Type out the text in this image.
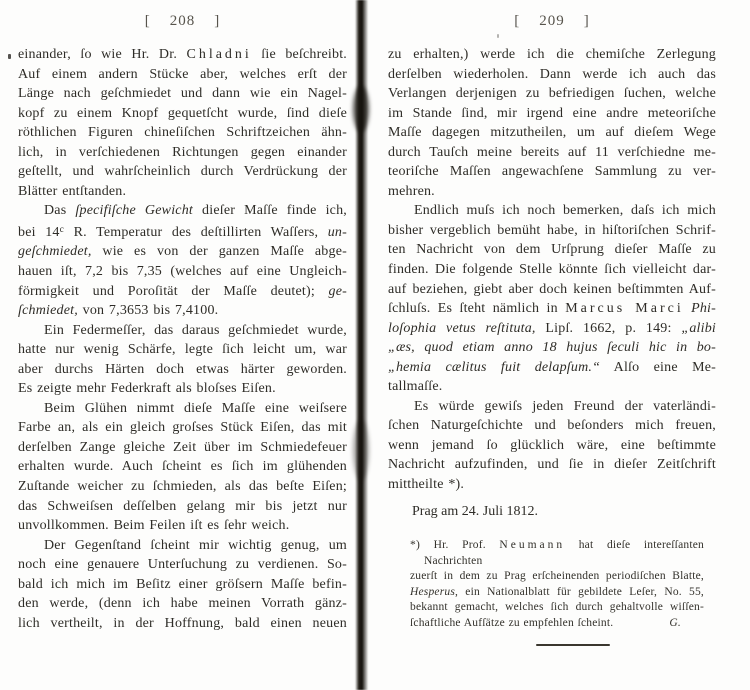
[    208    ]
einander, ſo wie Hr. Dr. Chladni ſie beſchreibt.
Auf einem andern Stücke aber, welches erſt der
Länge nach geſchmiedet und dann wie ein Nagel-
kopf zu einem Knopf gequetſcht wurde, ſind dieſe
röthlichen Figuren chineſiſchen Schriftzeichen ähn-
lich, in verſchiedenen Richtungen gegen einander
geſtellt, und wahrſcheinlich durch Verdrückung der
Blätter entſtanden.
Das ſpecifiſche Gewicht dieſer Maſſe finde ich,
bei 14$^c$ R. Temperatur des deſtillirten Waſſers, un-
geſchmiedet, wie es von der ganzen Maſſe abge-
hauen iſt, 7,2 bis 7,35 (welches auf eine Ungleich-
förmigkeit und Poroſität der Maſſe deutet); ge-
ſchmiedet, von 7,3653 bis 7,4100.
Ein Federmeſſer, das daraus geſchmiedet wurde,
hatte nur wenig Schärfe, legte ſich leicht um, war
aber durchs Härten doch etwas härter geworden.
Es zeigte mehr Federkraft als bloſses Eiſen.
Beim Glühen nimmt dieſe Maſſe eine weiſsere
Farbe an, als ein gleich groſses Stück Eiſen, das mit
derſelben Zange gleiche Zeit über im Schmiedefeuer
erhalten wurde. Auch ſcheint es ſich im glühenden
Zuſtande weicher zu ſchmieden, als das beſte Eiſen;
das Schweiſsen deſſelben gelang mir bis jetzt nur
unvollkommen. Beim Feilen iſt es ſehr weich.
Der Gegenſtand ſcheint mir wichtig genug, um
noch eine genauere Unterſuchung zu verdienen. So-
bald ich mich im Beſitz einer gröſsern Maſſe befin-
den werde, (denn ich habe meinen Vorrath gänz-
lich vertheilt, in der Hoffnung, bald einen neuen
[    209    ]
zu erhalten,) werde ich die chemiſche Zerlegung
derſelben wiederholen. Dann werde ich auch das
Verlangen derjenigen zu befriedigen ſuchen, welche
im Stande ſind, mir irgend eine andre meteoriſche
Maſſe dagegen mitzutheilen, um auf dieſem Wege
durch Tauſch meine bereits auf 11 verſchiedne me-
teoriſche Maſſen angewachſene Sammlung zu ver-
mehren.
Endlich muſs ich noch bemerken, daſs ich mich
bisher vergeblich bemüht habe, in hiſtoriſchen Schrif-
ten Nachricht von dem Urſprung dieſer Maſſe zu
finden. Die folgende Stelle könnte ſich vielleicht dar-
auf beziehen, giebt aber doch keinen beſtimmten Auf-
ſchluſs. Es ſteht nämlich in Marcus Marci Phi-
loſophia vetus reſtituta, Lipſ. 1662, p. 149: „alibi
„æs, quod etiam anno 18 hujus ſeculi hic in bo-
„hemia cælitus fuit delapſum.“ Alſo eine Me-
tallmaſſe.
Es würde gewiſs jeden Freund der vaterländi-
ſchen Naturgeſchichte und beſonders mich freuen,
wenn jemand ſo glücklich wäre, eine beſtimmte
Nachricht aufzufinden, und ſie in dieſer Zeitſchrift
mittheilte *).
Prag am 24. Juli 1812.
*) Hr. Prof. Neumann hat dieſe intereſſanten Nachrichten
zuerſt in dem zu Prag erſcheinenden periodiſchen Blatte,
Hesperus, ein Nationalblatt für gebildete Leſer, No. 55,
bekannt gemacht, welches ſich durch gehaltvolle wiſſen-
ſchaftliche Aufſätze zu empfehlen ſcheint.	G.
